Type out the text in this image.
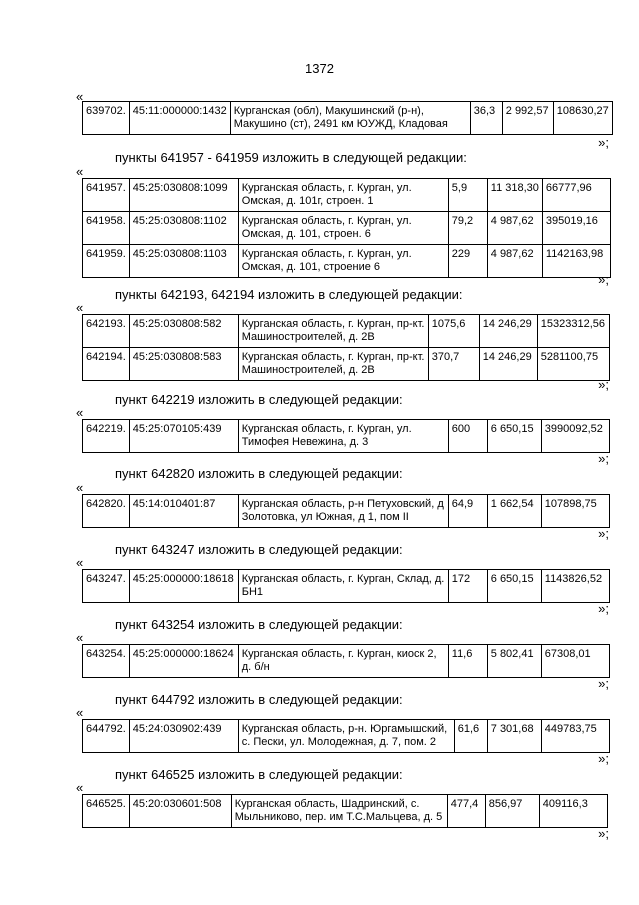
1372
«
639702.	45:11:000000:1432	Курганская (обл), Макушинский (р-н), Макушино (ст), 2491 км ЮУЖД, Кладовая	36,3	2 992,57	108630,27
»;
пункты 641957 - 641959 изложить в следующей редакции:
«
641957.	45:25:030808:1099	Курганская область, г. Курган, ул. Омская, д. 101г, строен. 1	5,9	11 318,30	66777,96
641958.	45:25:030808:1102	Курганская область, г. Курган, ул. Омская, д. 101, строен. 6	79,2	4 987,62	395019,16
641959.	45:25:030808:1103	Курганская область, г. Курган, ул. Омская, д. 101, строение 6	229	4 987,62	1142163,98
»;
пункты 642193, 642194 изложить в следующей редакции:
«
642193.	45:25:030808:582	Курганская область, г. Курган, пр-кт. Машиностроителей, д. 2В	1075,6	14 246,29	15323312,56
642194.	45:25:030808:583	Курганская область, г. Курган, пр-кт. Машиностроителей, д. 2В	370,7	14 246,29	5281100,75
»;
пункт 642219 изложить в следующей редакции:
«
642219.	45:25:070105:439	Курганская область, г. Курган, ул. Тимофея Невежина, д. 3	600	6 650,15	3990092,52
»;
пункт 642820 изложить в следующей редакции:
«
642820.	45:14:010401:87	Курганская область, р-н Петуховский, д Золотовка, ул Южная, д 1, пом II	64,9	1 662,54	107898,75
»;
пункт 643247 изложить в следующей редакции:
«
643247.	45:25:000000:18618	Курганская область, г. Курган, Склад, д. БН1	172	6 650,15	1143826,52
»;
пункт 643254 изложить в следующей редакции:
«
643254.	45:25:000000:18624	Курганская область, г. Курган, киоск 2, д. б/н	11,6	5 802,41	67308,01
»;
пункт 644792 изложить в следующей редакции:
«
644792.	45:24:030902:439	Курганская область, р-н. Юргамышский, с. Пески, ул. Молодежная, д. 7, пом. 2	61,6	7 301,68	449783,75
»;
пункт 646525 изложить в следующей редакции:
«
646525.	45:20:030601:508	Курганская область, Шадринский, с. Мыльниково, пер. им Т.С.Мальцева, д. 5	477,4	856,97	409116,3
»;
